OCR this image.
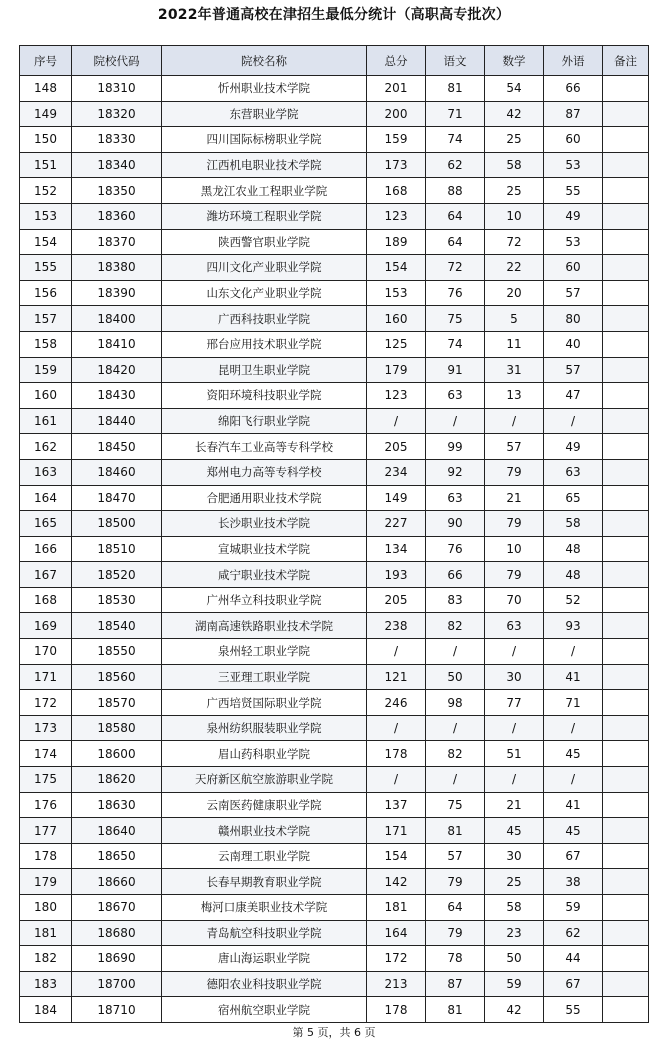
2022年普通高校在津招生最低分统计（高职高专批次）
序号	院校代码	院校名称	总分	语文	数学	外语	备注
148	18310	忻州职业技术学院	201	81	54	66	
149	18320	东营职业学院	200	71	42	87	
150	18330	四川国际标榜职业学院	159	74	25	60	
151	18340	江西机电职业技术学院	173	62	58	53	
152	18350	黑龙江农业工程职业学院	168	88	25	55	
153	18360	潍坊环境工程职业学院	123	64	10	49	
154	18370	陕西警官职业学院	189	64	72	53	
155	18380	四川文化产业职业学院	154	72	22	60	
156	18390	山东文化产业职业学院	153	76	20	57	
157	18400	广西科技职业学院	160	75	5	80	
158	18410	邢台应用技术职业学院	125	74	11	40	
159	18420	昆明卫生职业学院	179	91	31	57	
160	18430	资阳环境科技职业学院	123	63	13	47	
161	18440	绵阳飞行职业学院	/	/	/	/	
162	18450	长春汽车工业高等专科学校	205	99	57	49	
163	18460	郑州电力高等专科学校	234	92	79	63	
164	18470	合肥通用职业技术学院	149	63	21	65	
165	18500	长沙职业技术学院	227	90	79	58	
166	18510	宣城职业技术学院	134	76	10	48	
167	18520	咸宁职业技术学院	193	66	79	48	
168	18530	广州华立科技职业学院	205	83	70	52	
169	18540	湖南高速铁路职业技术学院	238	82	63	93	
170	18550	泉州轻工职业学院	/	/	/	/	
171	18560	三亚理工职业学院	121	50	30	41	
172	18570	广西培贤国际职业学院	246	98	77	71	
173	18580	泉州纺织服装职业学院	/	/	/	/	
174	18600	眉山药科职业学院	178	82	51	45	
175	18620	天府新区航空旅游职业学院	/	/	/	/	
176	18630	云南医药健康职业学院	137	75	21	41	
177	18640	赣州职业技术学院	171	81	45	45	
178	18650	云南理工职业学院	154	57	30	67	
179	18660	长春早期教育职业学院	142	79	25	38	
180	18670	梅河口康美职业技术学院	181	64	58	59	
181	18680	青岛航空科技职业学院	164	79	23	62	
182	18690	唐山海运职业学院	172	78	50	44	
183	18700	德阳农业科技职业学院	213	87	59	67	
184	18710	宿州航空职业学院	178	81	42	55	
第 5 页，共 6 页
